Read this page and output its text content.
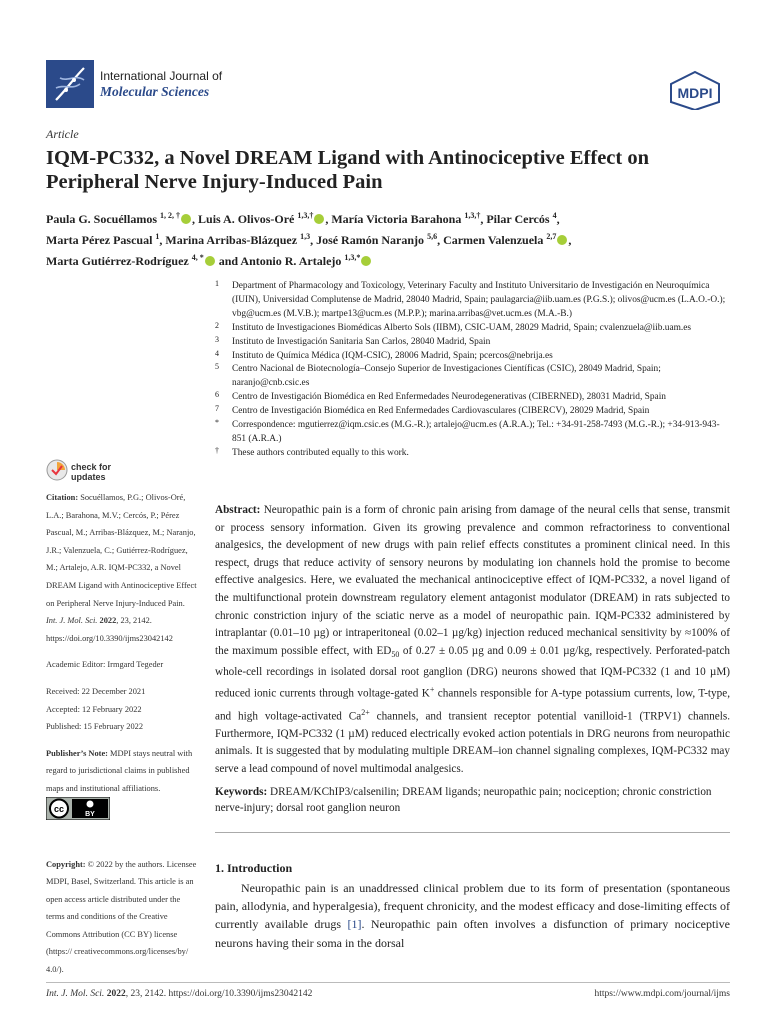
International Journal of
Molecular Sciences	MDPI
Article
IQM-PC332, a Novel DREAM Ligand with Antinociceptive Effect on Peripheral Nerve Injury-Induced Pain
Paula G. Socuéllamos $^{1, 2, \dagger}$ , Luis A. Olivos-Oré $^{1,3,\dagger}$ , María Victoria Barahona $^{1,3,\dagger}$, Pilar Cercós $^4$,
Marta Pérez Pascual $^1$, Marina Arribas-Blázquez $^{1,3}$, José Ramón Naranjo $^{5,6}$, Carmen Valenzuela $^{2,7}$ ,
Marta Gutiérrez-Rodríguez $^{4, *}$ and Antonio R. Artalejo $^{1,3,*}$
1 Department of Pharmacology and Toxicology, Veterinary Faculty and Instituto Universitario de Investigación en Neuroquímica (IUIN), Universidad Complutense de Madrid, 28040 Madrid, Spain; paulagarcia@iib.uam.es (P.G.S.); olivos@ucm.es (L.A.O.-O.); vbg@ucm.es (M.V.B.); martpe13@ucm.es (M.P.P.); marina.arribas@vet.ucm.es (M.A.-B.)
2 Instituto de Investigaciones Biomédicas Alberto Sols (IIBM), CSIC-UAM, 28029 Madrid, Spain; cvalenzuela@iib.uam.es
3 Instituto de Investigación Sanitaria San Carlos, 28040 Madrid, Spain
4 Instituto de Química Médica (IQM-CSIC), 28006 Madrid, Spain; pcercos@nebrija.es
5 Centro Nacional de Biotecnología–Consejo Superior de Investigaciones Científicas (CSIC), 28049 Madrid, Spain; naranjo@cnb.csic.es
6 Centro de Investigación Biomédica en Red Enfermedades Neurodegenerativas (CIBERNED), 28031 Madrid, Spain
7 Centro de Investigación Biomédica en Red Enfermedades Cardiovasculares (CIBERCV), 28029 Madrid, Spain
* Correspondence: mgutierrez@iqm.csic.es (M.G.-R.); artalejo@ucm.es (A.R.A.); Tel.: +34-91-258-7493 (M.G.-R.); +34-913-943-851 (A.R.A.)
† These authors contributed equally to this work.
check for
updates

Citation: Socuéllamos, P.G.; Olivos-Oré, L.A.; Barahona, M.V.; Cercós, P.; Pérez Pascual, M.; Arribas-Blázquez, M.; Naranjo, J.R.; Valenzuela, C.; Gutiérrez-Rodríguez, M.; Artalejo, A.R. IQM-PC332, a Novel DREAM Ligand with Antinociceptive Effect on Peripheral Nerve Injury-Induced Pain. Int. J. Mol. Sci. 2022, 23, 2142. https://doi.org/10.3390/ijms23042142

Academic Editor: Irmgard Tegeder

Received: 22 December 2021

Accepted: 12 February 2022

Published: 15 February 2022

Publisher’s Note: MDPI stays neutral with regard to jurisdictional claims in published maps and institutional affiliations.

Copyright: © 2022 by the authors. Licensee MDPI, Basel, Switzerland. This article is an open access article distributed under the terms and conditions of the Creative Commons Attribution (CC BY) license (https:// creativecommons.org/licenses/by/ 4.0/).

cc
BY
Abstract: Neuropathic pain is a form of chronic pain arising from damage of the neural cells that sense, transmit or process sensory information. Given its growing prevalence and common refractoriness to conventional analgesics, the development of new drugs with pain relief effects constitutes a prominent clinical need. In this respect, drugs that reduce activity of sensory neurons by modulating ion channels hold the promise to become effective analgesics. Here, we evaluated the mechanical antinociceptive effect of IQM-PC332, a novel ligand of the multifunctional protein downstream regulatory element antagonist modulator (DREAM) in rats subjected to chronic constriction injury of the sciatic nerve as a model of neuropathic pain. IQM-PC332 administered by intraplantar (0.01–10 µg) or intraperitoneal (0.02–1 µg/kg) injection reduced mechanical sensitivity by ≈100% of the maximum possible effect, with $ED_{50}$ of 0.27 ± 0.05 µg and 0.09 ± 0.01 µg/kg, respectively. Perforated-patch whole-cell recordings in isolated dorsal root ganglion (DRG) neurons showed that IQM-PC332 (1 and 10 µM) reduced ionic currents through voltage-gated K+ channels responsible for A-type potassium currents, low, T-type, and high voltage-activated $Ca^{2+}$ channels, and transient receptor potential vanilloid-1 (TRPV1) channels. Furthermore, IQM-PC332 (1 µM) reduced electrically evoked action potentials in DRG neurons from neuropathic animals. It is suggested that by modulating multiple DREAM–ion channel signaling complexes, IQM-PC332 may serve a lead compound of novel multimodal analgesics.
Keywords: DREAM/KChIP3/calsenilin; DREAM ligands; neuropathic pain; nociception; chronic constriction nerve-injury; dorsal root ganglion neuron
1. Introduction
Neuropathic pain is an unaddressed clinical problem due to its form of presentation (spontaneous pain, allodynia, and hyperalgesia), frequent chronicity, and the modest efficacy and dose-limiting effects of currently available drugs [1]. Neuropathic pain often involves a disfunction of primary nociceptive neurons having their soma in the dorsal
Int. J. Mol. Sci. 2022, 23, 2142. https://doi.org/10.3390/ijms23042142	https://www.mdpi.com/journal/ijms
